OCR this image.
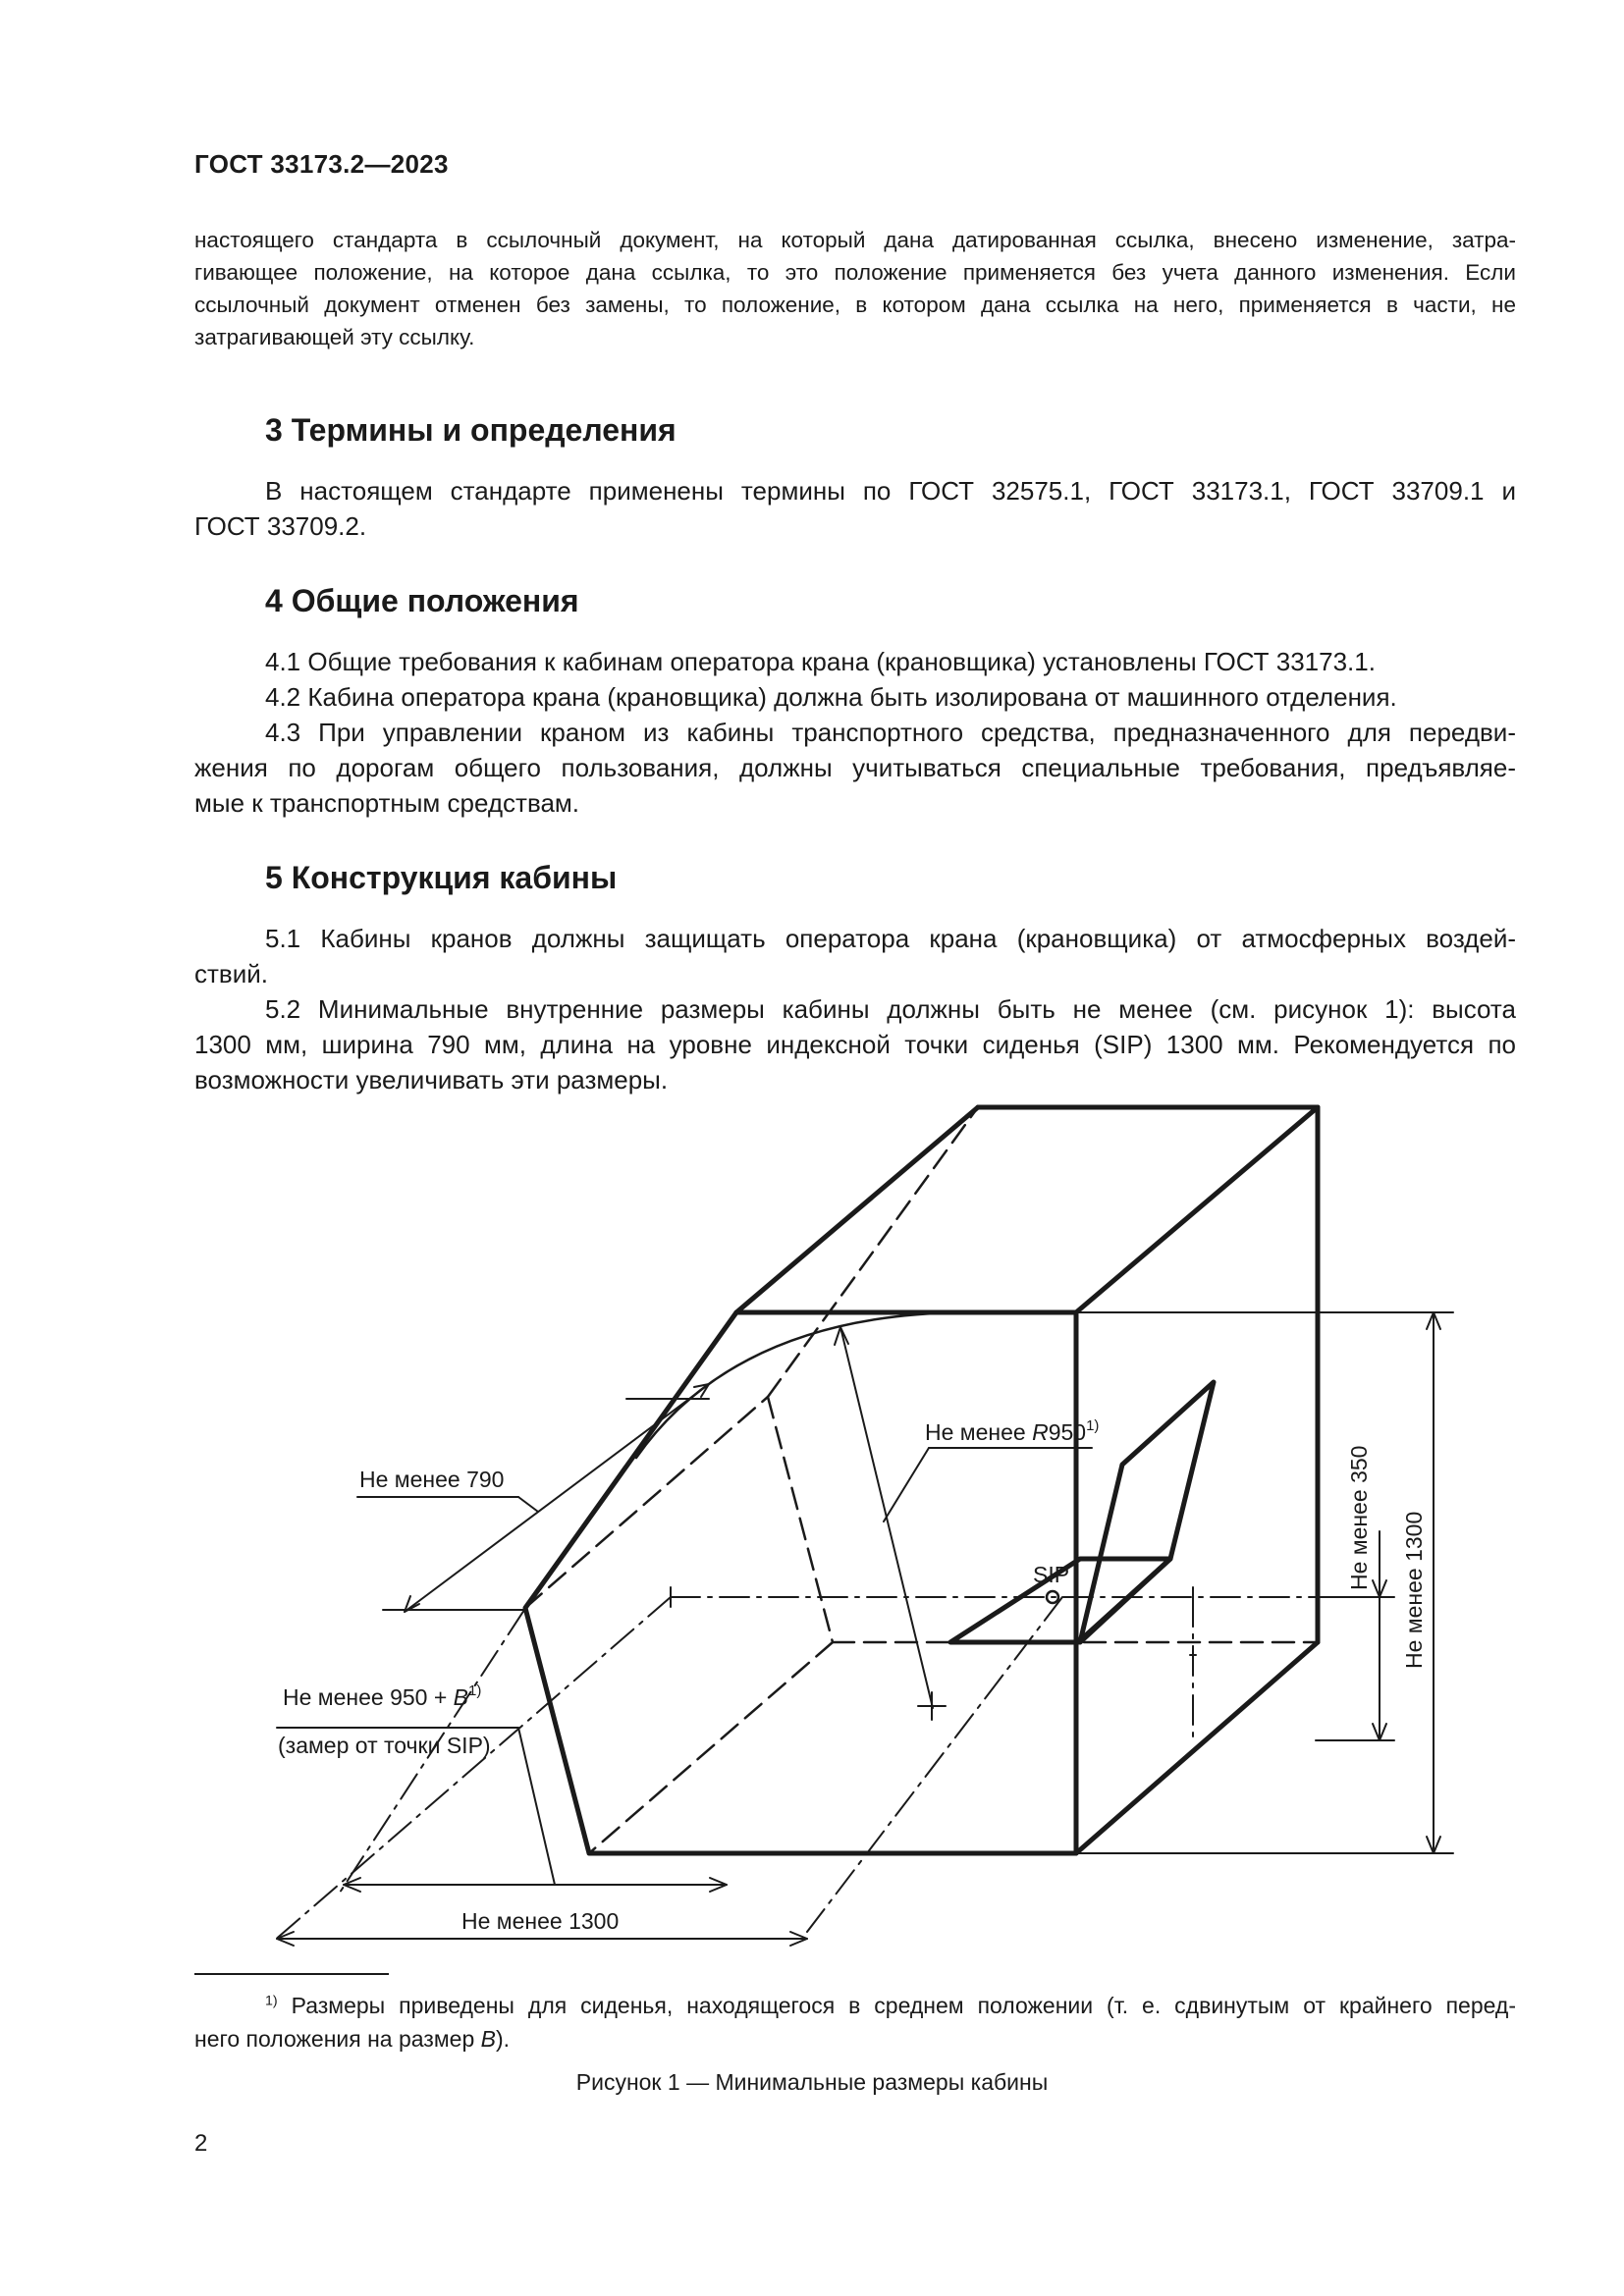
ГОСТ 33173.2—2023
настоящего стандарта в ссылочный документ, на который дана датированная ссылка, внесено изменение, затра-
гивающее положение, на которое дана ссылка, то это положение применяется без учета данного изменения. Если
ссылочный документ отменен без замены, то положение, в котором дана ссылка на него, применяется в части, не
затрагивающей эту ссылку.
3 Термины и определения
В настоящем стандарте применены термины по ГОСТ 32575.1, ГОСТ 33173.1, ГОСТ 33709.1 и
ГОСТ 33709.2.
4 Общие положения
4.1 Общие требования к кабинам оператора крана (крановщика) установлены ГОСТ 33173.1.
4.2 Кабина оператора крана (крановщика) должна быть изолирована от машинного отделения.
4.3 При управлении краном из кабины транспортного средства, предназначенного для передви-
жения по дорогам общего пользования, должны учитываться специальные требования, предъявляе-
мые к транспортным средствам.
5 Конструкция кабины
5.1 Кабины кранов должны защищать оператора крана (крановщика) от атмосферных воздей-
ствий.
5.2 Минимальные внутренние размеры кабины должны быть не менее (см. рисунок 1): высота
1300 мм, ширина 790 мм, длина на уровне индексной точки сиденья (SIP) 1300 мм. Рекомендуется по
возможности увеличивать эти размеры.
Не менее 790
Не менее R950$^{1)}$
SIP
Не менее $950 + B^{1)}$
(замер от точки SIP)
Не менее 1300
Не менее 350 Не менее 1300
$^{1)}$ Размеры приведены для сиденья, находящегося в среднем положении (т. е. сдвинутым от крайнего перед-
него положения на размер B).
Рисунок 1 — Минимальные размеры кабины
2
